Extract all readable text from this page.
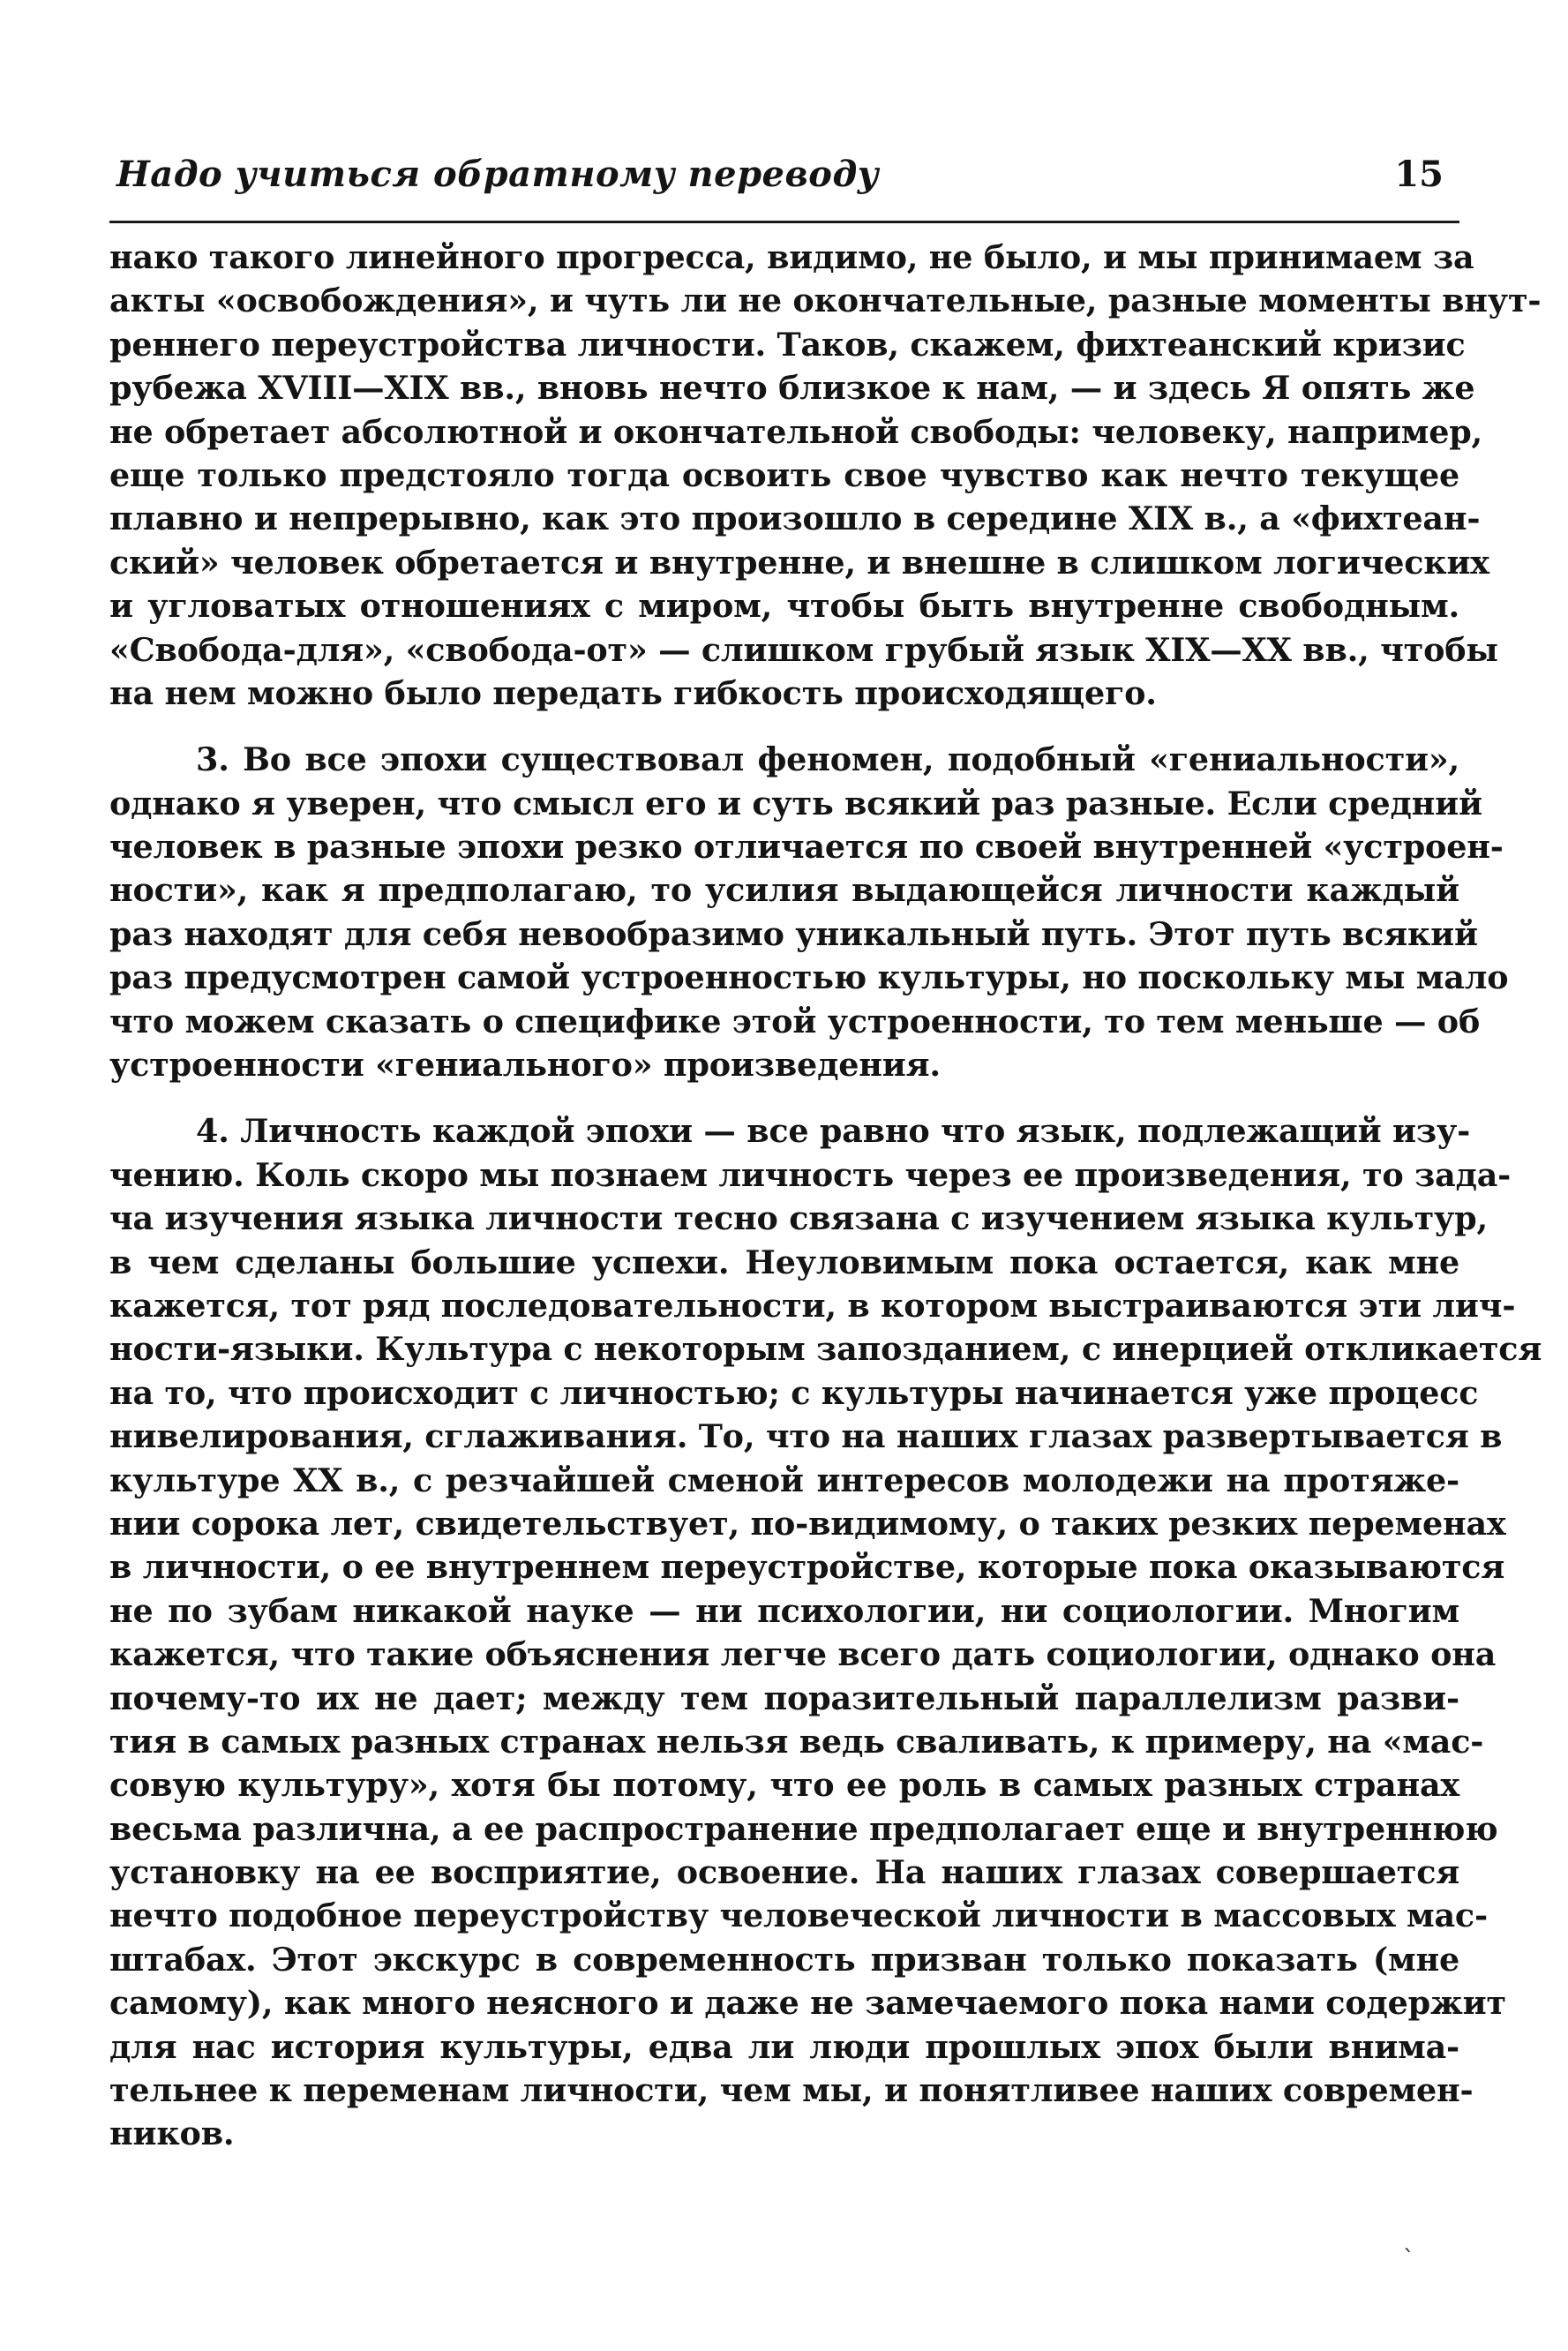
Надо учиться обратному переводу	15
нако такого линейного прогресса, видимо, не было, и мы принимаем за
акты «освобождения», и чуть ли не окончательные, разные моменты внут-
реннего переустройства личности. Таков, скажем, фихтеанский кризис
рубежа XVIII—XIX вв., вновь нечто близкое к нам, — и здесь Я опять же
не обретает абсолютной и окончательной свободы: человеку, например,
еще только предстояло тогда освоить свое чувство как нечто текущее
плавно и непрерывно, как это произошло в середине XIX в., а «фихтеан-
ский» человек обретается и внутренне, и внешне в слишком логических
и угловатых отношениях с миром, чтобы быть внутренне свободным.
«Свобода-для», «свобода-от» — слишком грубый язык XIX—XX вв., чтобы
на нем можно было передать гибкость происходящего.
3. Во все эпохи существовал феномен, подобный «гениальности»,
однако я уверен, что смысл его и суть всякий раз разные. Если средний
человек в разные эпохи резко отличается по своей внутренней «устроен-
ности», как я предполагаю, то усилия выдающейся личности каждый
раз находят для себя невообразимо уникальный путь. Этот путь всякий
раз предусмотрен самой устроенностью культуры, но поскольку мы мало
что можем сказать о специфике этой устроенности, то тем меньше — об
устроенности «гениального» произведения.
4. Личность каждой эпохи — все равно что язык, подлежащий изу-
чению. Коль скоро мы познаем личность через ее произведения, то зада-
ча изучения языка личности тесно связана с изучением языка культур,
в чем сделаны большие успехи. Неуловимым пока остается, как мне
кажется, тот ряд последовательности, в котором выстраиваются эти лич-
ности-языки. Культура с некоторым запозданием, с инерцией откликается
на то, что происходит с личностью; с культуры начинается уже процесс
нивелирования, сглаживания. То, что на наших глазах развертывается в
культуре XX в., с резчайшей сменой интересов молодежи на протяже-
нии сорока лет, свидетельствует, по-видимому, о таких резких переменах
в личности, о ее внутреннем переустройстве, которые пока оказываются
не по зубам никакой науке — ни психологии, ни социологии. Многим
кажется, что такие объяснения легче всего дать социологии, однако она
почему-то их не дает; между тем поразительный параллелизм разви-
тия в самых разных странах нельзя ведь сваливать, к примеру, на «мас-
совую культуру», хотя бы потому, что ее роль в самых разных странах
весьма различна, а ее распространение предполагает еще и внутреннюю
установку на ее восприятие, освоение. На наших глазах совершается
нечто подобное переустройству человеческой личности в массовых мас-
штабах. Этот экскурс в современность призван только показать (мне
самому), как много неясного и даже не замечаемого пока нами содержит
для нас история культуры, едва ли люди прошлых эпох были внима-
тельнее к переменам личности, чем мы, и понятливее наших современ-
ников.
ˋ
